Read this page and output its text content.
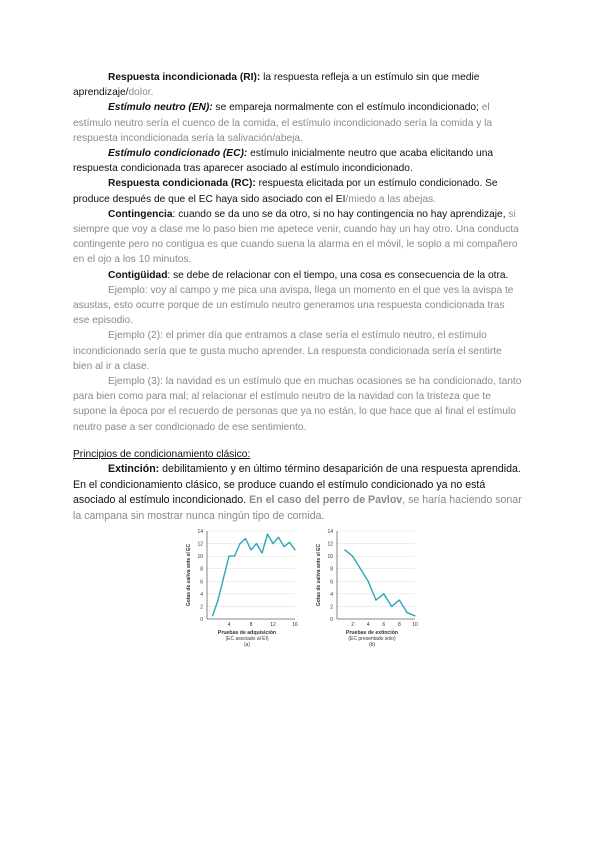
Respuesta incondicionada (RI): la respuesta refleja a un estímulo sin que medie aprendizaje/dolor.

Estímulo neutro (EN): se empareja normalmente con el estímulo incondicionado; el estímulo neutro sería el cuenco de la comida, el estímulo incondicionado sería la comida y la respuesta incondicionada sería la salivación/abeja.

Estímulo condicionado (EC): estímulo inicialmente neutro que acaba elicitando una respuesta condicionada tras aparecer asociado al estímulo incondicionado.

Respuesta condicionada (RC): respuesta elicitada por un estímulo condicionado. Se produce después de que el EC haya sido asociado con el EI/miedo a las abejas.

Contingencia: cuando se da uno se da otro, si no hay contingencia no hay aprendizaje, si siempre que voy a clase me lo paso bien me apetece venir, cuando hay un hay otro. Una conducta contingente pero no contigua es que cuando suena la alarma en el móvil, le soplo a mi compañero en el ojo a los 10 minutos.

Contigüidad: se debe de relacionar con el tiempo, una cosa es consecuencia de la otra.

Ejemplo: voy al campo y me pica una avispa, llega un momento en el que ves la avispa te asustas, esto ocurre porque de un estímulo neutro generamos una respuesta condicionada tras ese episodio.

Ejemplo (2): el primer día que entramos a clase sería el estímulo neutro, el estímulo incondicionado sería que te gusta mucho aprender. La respuesta condicionada sería el sentirte bien al ir a clase.

Ejemplo (3): la navidad es un estímulo que en muchas ocasiones se ha condicionado, tanto para bien como para mal; al relacionar el estímulo neutro de la navidad con la tristeza que te supone la época por el recuerdo de personas que ya no están, lo que hace que al final el estímulo neutro pase a ser condicionado de ese sentimiento.

Principios de condicionamiento clásico:

Extinción: debilitamiento y en último término desaparición de una respuesta aprendida. En el condicionamiento clásico, se produce cuando el estímulo condicionado ya no está asociado al estímulo incondicionado. En el caso del perro de Pavlov, se haría haciendo sonar la campana sin mostrar nunca ningún tipo de comida.

0
2
4
6
8
10
12
14
4	8	12	16
Gotas de saliva ante el EC
Pruebas de adquisición
(EC asociado al EI)
(a)
0
2
4
6
8
10
12
14
2	4	6	8 10
Gotas de saliva ante el EC
Pruebas de extinción
(EC presentado solo)
(b)
